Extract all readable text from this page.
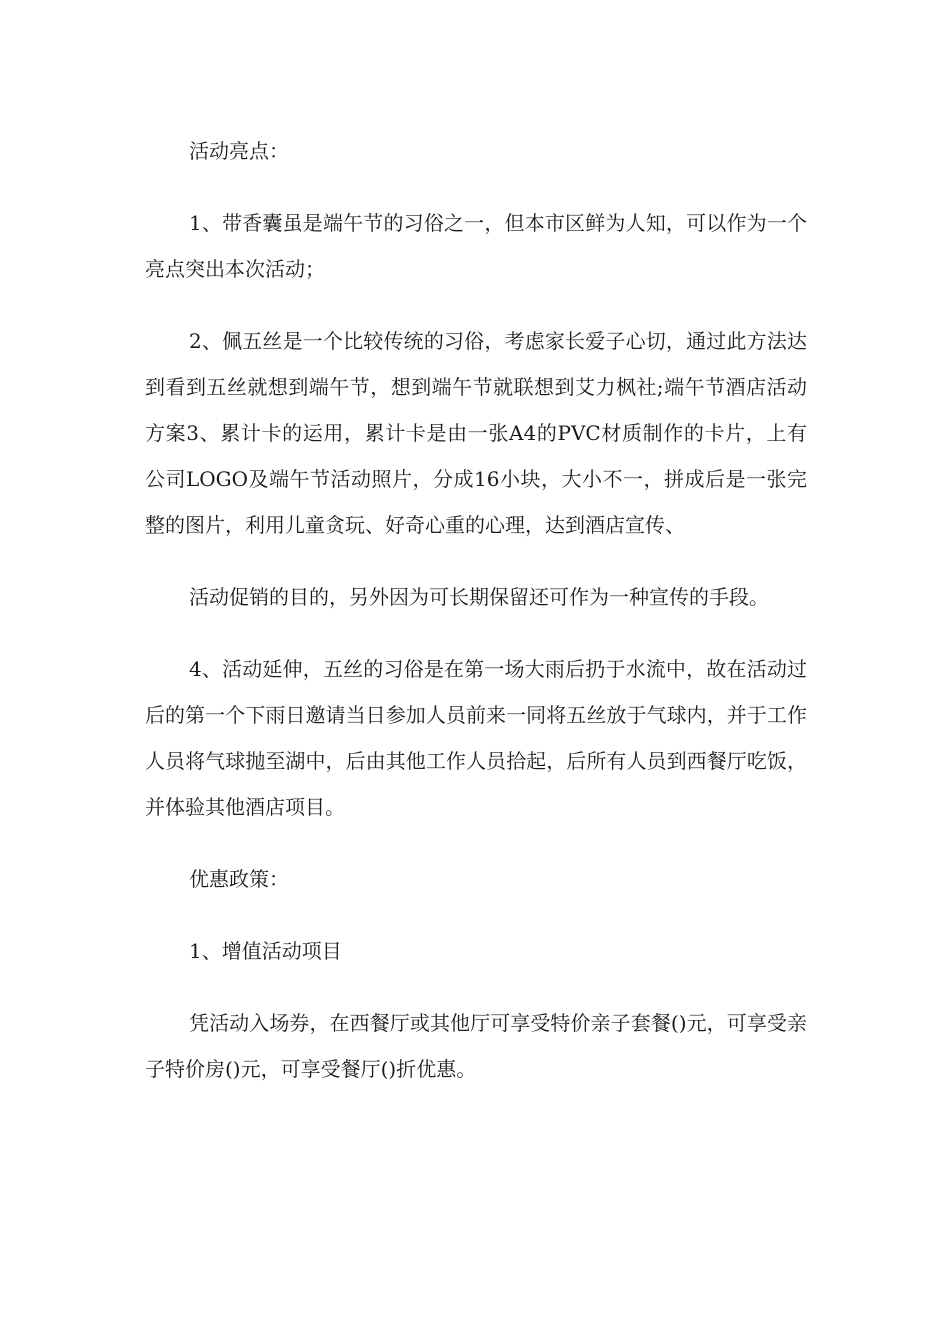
活动亮点：

1、带香囊虽是端午节的习俗之一，但本市区鲜为人知，可以作为一个亮点突出本次活动；

2、佩五丝是一个比较传统的习俗，考虑家长爱子心切，通过此方法达到看到五丝就想到端午节，想到端午节就联想到艾力枫社;端午节酒店活动方案3、累计卡的运用，累计卡是由一张A4的PVC材质制作的卡片，上有公司LOGO及端午节活动照片，分成16小块，大小不一，拼成后是一张完整的图片，利用儿童贪玩、好奇心重的心理，达到酒店宣传、

活动促销的目的，另外因为可长期保留还可作为一种宣传的手段。

4、活动延伸，五丝的习俗是在第一场大雨后扔于水流中，故在活动过后的第一个下雨日邀请当日参加人员前来一同将五丝放于气球内，并于工作人员将气球抛至湖中，后由其他工作人员拾起，后所有人员到西餐厅吃饭，并体验其他酒店项目。

优惠政策：

1、增值活动项目

凭活动入场券，在西餐厅或其他厅可享受特价亲子套餐()元，可享受亲子特价房()元，可享受餐厅()折优惠。
